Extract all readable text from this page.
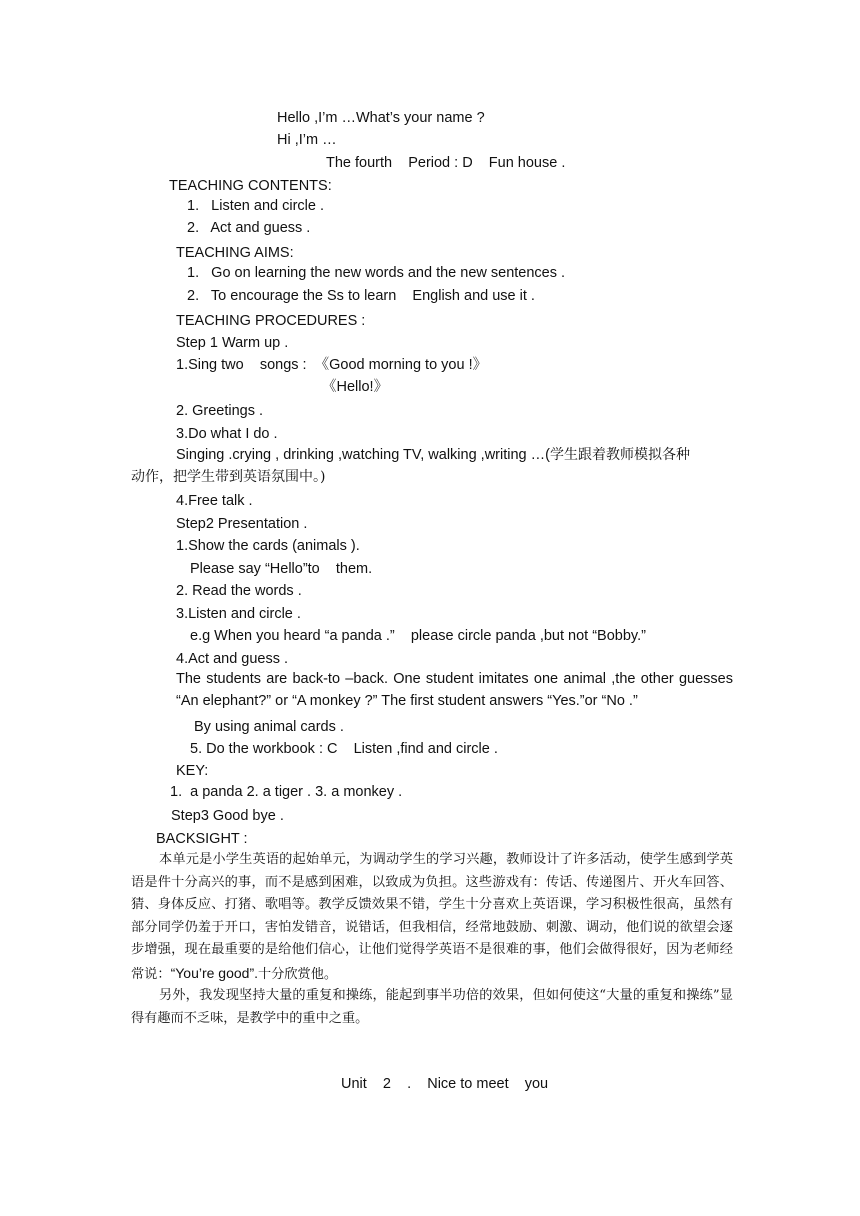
Hello ,I’m …What’s your name ?
Hi ,I’m …
The fourth    Period : D    Fun house .
TEACHING CONTENTS:
1.   Listen and circle .
2.   Act and guess .
TEACHING AIMS:
1.   Go on learning the new words and the new sentences .
2.   To encourage the Ss to learn    English and use it .
TEACHING PROCEDURES :
Step 1 Warm up .
1.Sing two    songs :  《Good morning to you !》
《Hello!》
2. Greetings .
3.Do what I do .
Singing .crying , drinking ,watching TV, walking ,writing …(学生跟着教师模拟各种
动作，把学生带到英语氛围中。)
4.Free talk .
Step2 Presentation .
1.Show the cards (animals ).
Please say “Hello”to    them.
2. Read the words .
3.Listen and circle .
e.g When you heard “a panda .”    please circle panda ,but not “Bobby.”
4.Act and guess .
The students are back-to –back. One student imitates one animal ,the other guesses “An elephant?” or “A monkey ?” The first student answers “Yes.”or “No .”
By using animal cards .
5. Do the workbook : C    Listen ,find and circle .
KEY:
1.  a panda 2. a tiger . 3. a monkey .
Step3 Good bye .
BACKSIGHT :
本单元是小学生英语的起始单元，为调动学生的学习兴趣，教师设计了许多活动，使学生感到学英语是件十分高兴的事，而不是感到困难，以致成为负担。这些游戏有：传话、传递图片、开火车回答、猜、身体反应、打猪、歌唱等。教学反馈效果不错，学生十分喜欢上英语课，学习积极性很高，虽然有部分同学仍羞于开口，害怕发错音，说错话，但我相信，经常地鼓励、刺激、调动，他们说的欲望会逐步增强，现在最重要的是给他们信心，让他们觉得学英语不是很难的事，他们会做得很好，因为老师经常说：“You’re good”.十分欣赏他。
另外，我发现坚持大量的重复和操练，能起到事半功倍的效果，但如何使这“大量的重复和操练”显得有趣而不乏味，是教学中的重中之重。
Unit    2    .    Nice to meet    you
